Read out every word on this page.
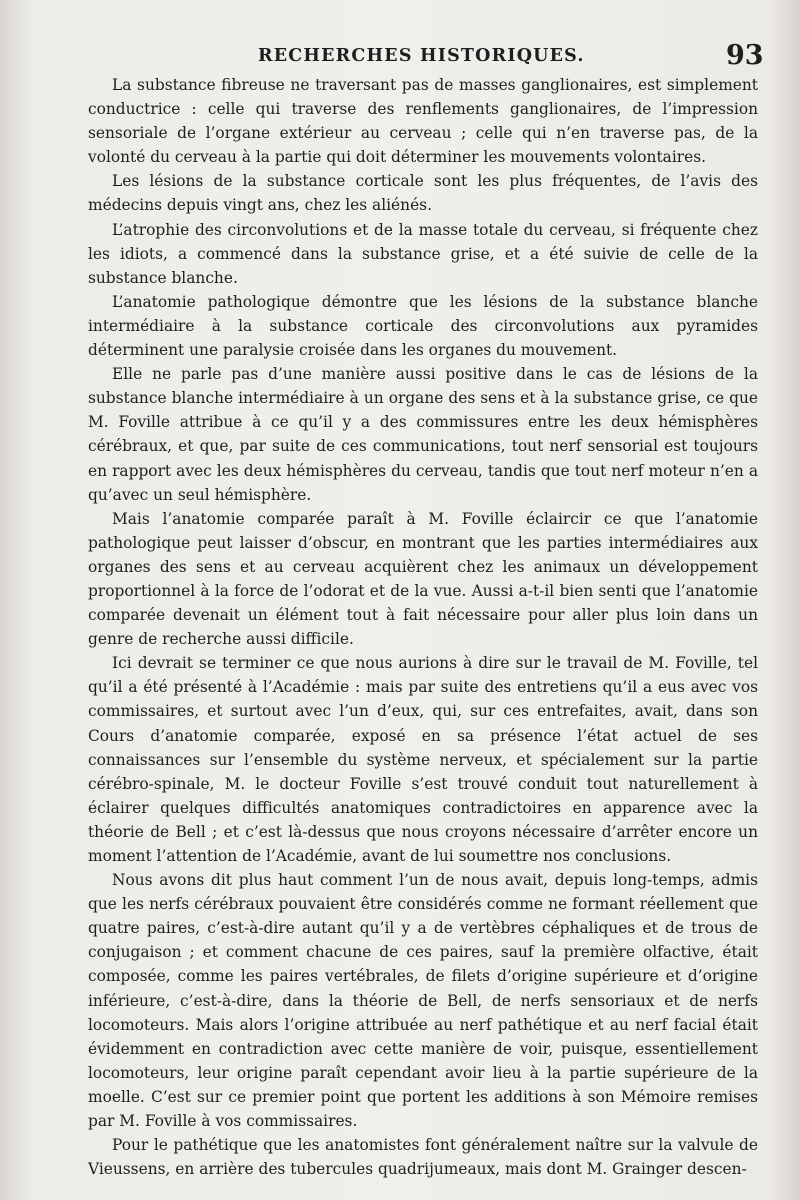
RECHERCHES HISTORIQUES.	93

La substance fibreuse ne traversant pas de masses ganglionaires, est simplement conductrice : celle qui traverse des renflements ganglionaires, de l’impression sensoriale de l’organe extérieur au cerveau ; celle qui n’en traverse pas, de la volonté du cerveau à la partie qui doit déterminer les mouvements volontaires.

Les lésions de la substance corticale sont les plus fréquentes, de l’avis des médecins depuis vingt ans, chez les aliénés.

L’atrophie des circonvolutions et de la masse totale du cerveau, si fréquente chez les idiots, a commencé dans la substance grise, et a été suivie de celle de la substance blanche.

L’anatomie pathologique démontre que les lésions de la substance blanche intermédiaire à la substance corticale des circonvolutions aux pyramides déterminent une paralysie croisée dans les organes du mouvement.

Elle ne parle pas d’une manière aussi positive dans le cas de lésions de la substance blanche intermédiaire à un organe des sens et à la substance grise, ce que M. Foville attribue à ce qu’il y a des commissures entre les deux hémisphères cérébraux, et que, par suite de ces communications, tout nerf sensorial est toujours en rapport avec les deux hémisphères du cerveau, tandis que tout nerf moteur n’en a qu’avec un seul hémisphère.

Mais l’anatomie comparée paraît à M. Foville éclaircir ce que l’anatomie pathologique peut laisser d’obscur, en montrant que les parties intermédiaires aux organes des sens et au cerveau acquièrent chez les animaux un développement proportionnel à la force de l’odorat et de la vue. Aussi a-t-il bien senti que l’anatomie comparée devenait un élément tout à fait nécessaire pour aller plus loin dans un genre de recherche aussi difficile.

Ici devrait se terminer ce que nous aurions à dire sur le travail de M. Foville, tel qu’il a été présenté à l’Académie : mais par suite des entretiens qu’il a eus avec vos commissaires, et surtout avec l’un d’eux, qui, sur ces entrefaites, avait, dans son Cours d’anatomie comparée, exposé en sa présence l’état actuel de ses connaissances sur l’ensemble du système nerveux, et spécialement sur la partie cérébro-spinale, M. le docteur Foville s’est trouvé conduit tout naturellement à éclairer quelques difficultés anatomiques contradictoires en apparence avec la théorie de Bell ; et c’est là-dessus que nous croyons nécessaire d’arrêter encore un moment l’attention de l’Académie, avant de lui soumettre nos conclusions.

Nous avons dit plus haut comment l’un de nous avait, depuis long-temps, admis que les nerfs cérébraux pouvaient être considérés comme ne formant réellement que quatre paires, c’est-à-dire autant qu’il y a de vertèbres céphaliques et de trous de conjugaison ; et comment chacune de ces paires, sauf la première olfactive, était composée, comme les paires vertébrales, de filets d’origine supérieure et d’origine inférieure, c’est-à-dire, dans la théorie de Bell, de nerfs sensoriaux et de nerfs locomoteurs. Mais alors l’origine attribuée au nerf pathétique et au nerf facial était évidemment en contradiction avec cette manière de voir, puisque, essentiellement locomoteurs, leur origine paraît cependant avoir lieu à la partie supérieure de la moelle. C’est sur ce premier point que portent les additions à son Mémoire remises par M. Foville à vos commissaires.

Pour le pathétique que les anatomistes font généralement naître sur la valvule de Vieussens, en arrière des tubercules quadrijumeaux, mais dont M. Grainger descen-
